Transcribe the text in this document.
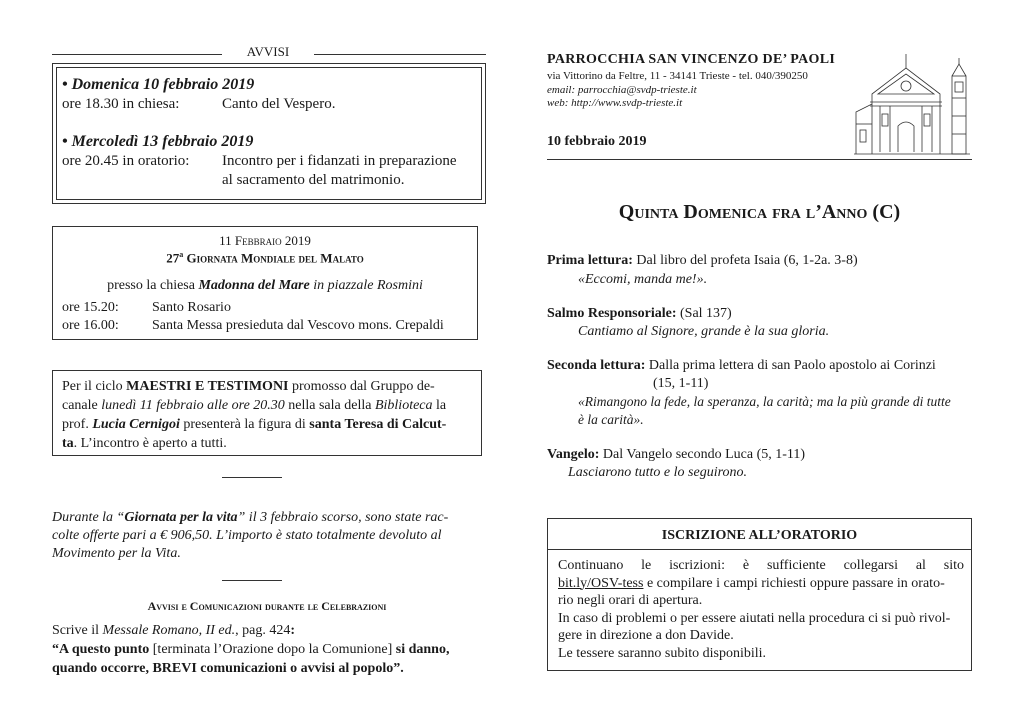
AVVISI
• Domenica 10 febbraio 2019
ore 18.30 in chiesa:	Canto del Vespero.
• Mercoledì 13 febbraio 2019
ore 20.45 in oratorio: Incontro per i fidanzati in preparazione
al sacramento del matrimonio.
11 Febbraio 2019
27$^a$ Giornata Mondiale del Malato
presso la chiesa Madonna del Mare in piazzale Rosmini
ore 15.20: Santo Rosario
ore 16.00: Santa Messa presieduta dal Vescovo mons. Crepaldi
Per il ciclo MAESTRI E TESTIMONI promosso dal Gruppo de-
canale lunedì 11 febbraio alle ore 20.30 nella sala della Biblioteca la
prof. Lucia Cernigoi presenterà la figura di santa Teresa di Calcut-
ta. L’incontro è aperto a tutti.
Durante la “Giornata per la vita” il 3 febbraio scorso, sono state rac-
colte offerte pari a € 906,50. L’importo è stato totalmente devoluto al
Movimento per la Vita.
Avvisi e Comunicazioni durante le Celebrazioni
Scrive il Messale Romano, II ed., pag. 424:
“A questo punto [terminata l’Orazione dopo la Comunione] si danno,
quando occorre, BREVI comunicazioni o avvisi al popolo”.
PARROCCHIA SAN VINCENZO DE’ PAOLI
via Vittorino da Feltre, 11 - 34141 Trieste - tel. 040/390250
email: parrocchia@svdp-trieste.it
web: http://www.svdp-trieste.it
10 febbraio 2019
Quinta Domenica fra l’Anno (C)
Prima lettura: Dal libro del profeta Isaia (6, 1-2a. 3-8)
«Eccomi, manda me!».
Salmo Responsoriale: (Sal 137)
Cantiamo al Signore, grande è la sua gloria.
Seconda lettura: Dalla prima lettera di san Paolo apostolo ai Corinzi
(15, 1-11)
«Rimangono la fede, la speranza, la carità; ma la più grande di tutte
è la carità».
Vangelo: Dal Vangelo secondo Luca (5, 1-11)
Lasciarono tutto e lo seguirono.
ISCRIZIONE ALL’ORATORIO
Continuano le iscrizioni: è sufficiente collegarsi al sito
bit.ly/OSV-tess e compilare i campi richiesti oppure passare in orato-
rio negli orari di apertura.
In caso di problemi o per essere aiutati nella procedura ci si può rivol-
gere in direzione a don Davide.
Le tessere saranno subito disponibili.
